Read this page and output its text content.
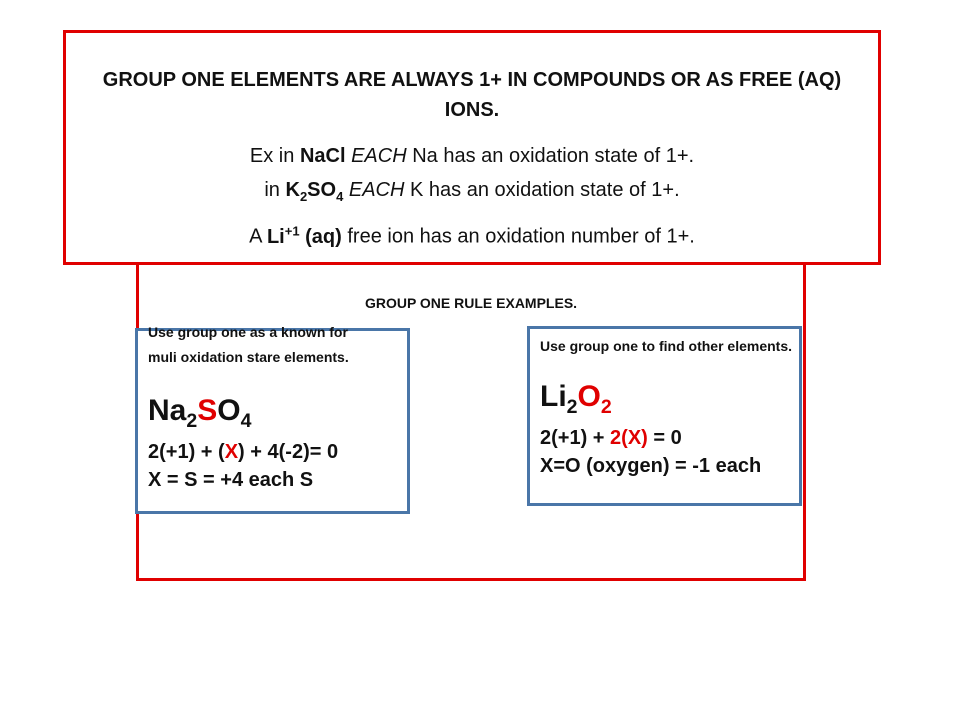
GROUP ONE RULE EXAMPLES.
Use group one as a known for
muli oxidation stare elements.
$Na_2SO_4$
2(+1) + (X) + 4(-2)= 0
X = S = +4 each S
Use group one to find other elements.
$Li_2O_2$
2(+1) + 2(X) = 0
X=O (oxygen) = -1 each
GROUP ONE ELEMENTS ARE ALWAYS 1+ IN COMPOUNDS OR AS FREE (AQ) IONS.
Ex in NaCl EACH Na has an oxidation state of 1+.
in $K_2SO_4$ EACH K has an oxidation state of 1+.
A $Li^{+1}$ (aq) free ion has an oxidation number of 1+.
